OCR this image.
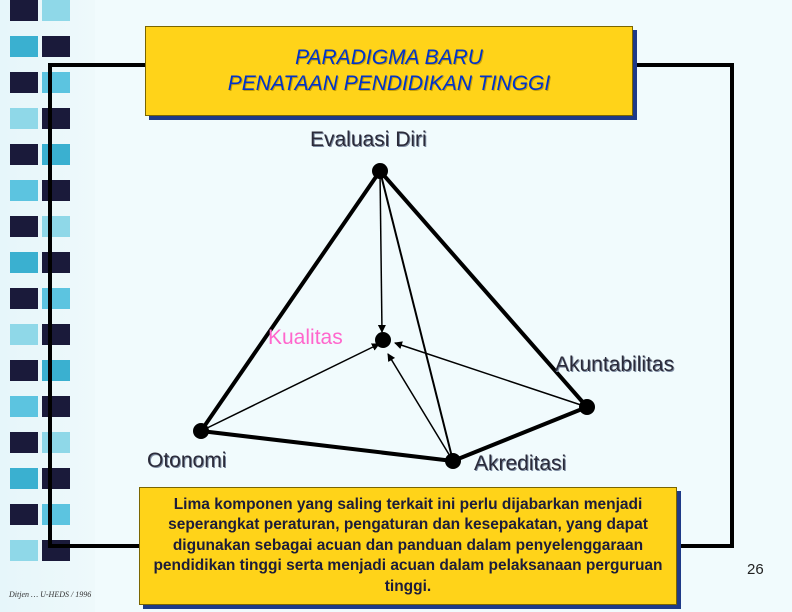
PARADIGMA BARU
PENATAAN PENDIDIKAN TINGGI
Evaluasi Diri
Kualitas
Akuntabilitas
Otonomi	Akreditasi
Lima komponen yang saling terkait ini perlu dijabarkan menjadi seperangkat peraturan, pengaturan dan kesepakatan, yang dapat digunakan sebagai acuan dan panduan dalam penyelenggaraan pendidikan tinggi serta menjadi acuan dalam pelaksanaan perguruan tinggi.
Ditjen … U-HEDS / 1996
26
